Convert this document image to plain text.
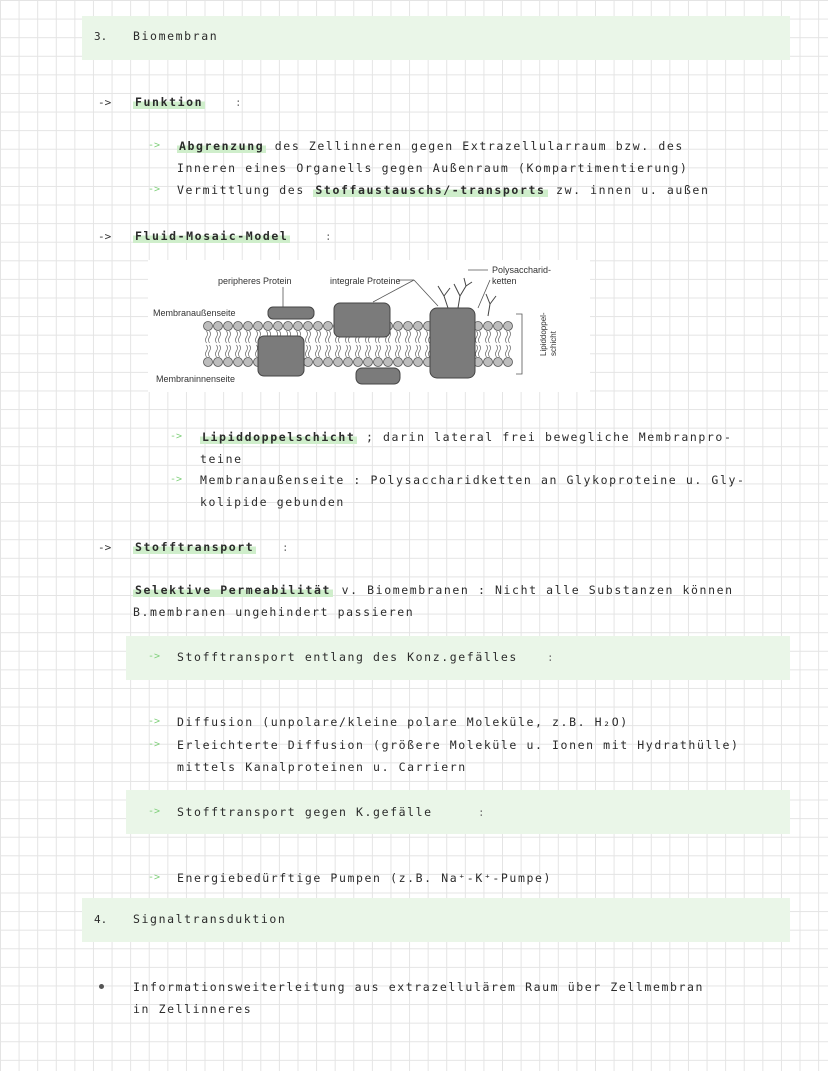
3. Biomembran
-> Funktion	:
-> Abgrenzung des Zellinneren gegen Extrazellularraum bzw. des
Inneren eines Organells gegen Außenraum (Kompartimentierung)
-> Vermittlung des Stoffaustauschs/-transports zw. innen u. außen
-> Fluid-Mosaic-Model	:
peripheres Protein	integrale Proteine
Polysaccharid-
ketten
Membranaußenseite
Membraninnenseite
Lipiddoppel- schicht
-> Lipiddoppelschicht ; darin lateral frei bewegliche Membranpro-
teine
-> Membranaußenseite : Polysaccharidketten an Glykoproteine u. Gly-
kolipide gebunden
-> Stofftransport	:
Selektive Permeabilität v. Biomembranen : Nicht alle Substanzen können
B.membranen ungehindert passieren
-> Stofftransport entlang des Konz.gefälles	:
-> Diffusion (unpolare/kleine polare Moleküle, z.B. H₂O)
-> Erleichterte Diffusion (größere Moleküle u. Ionen mit Hydrathülle)
mittels Kanalproteinen u. Carriern
-> Stofftransport gegen K.gefälle	:
-> Energiebedürftige Pumpen (z.B. Na⁺-K⁺-Pumpe)
4. Signaltransduktion
Informationsweiterleitung aus extrazellulärem Raum über Zellmembran
in Zellinneres
